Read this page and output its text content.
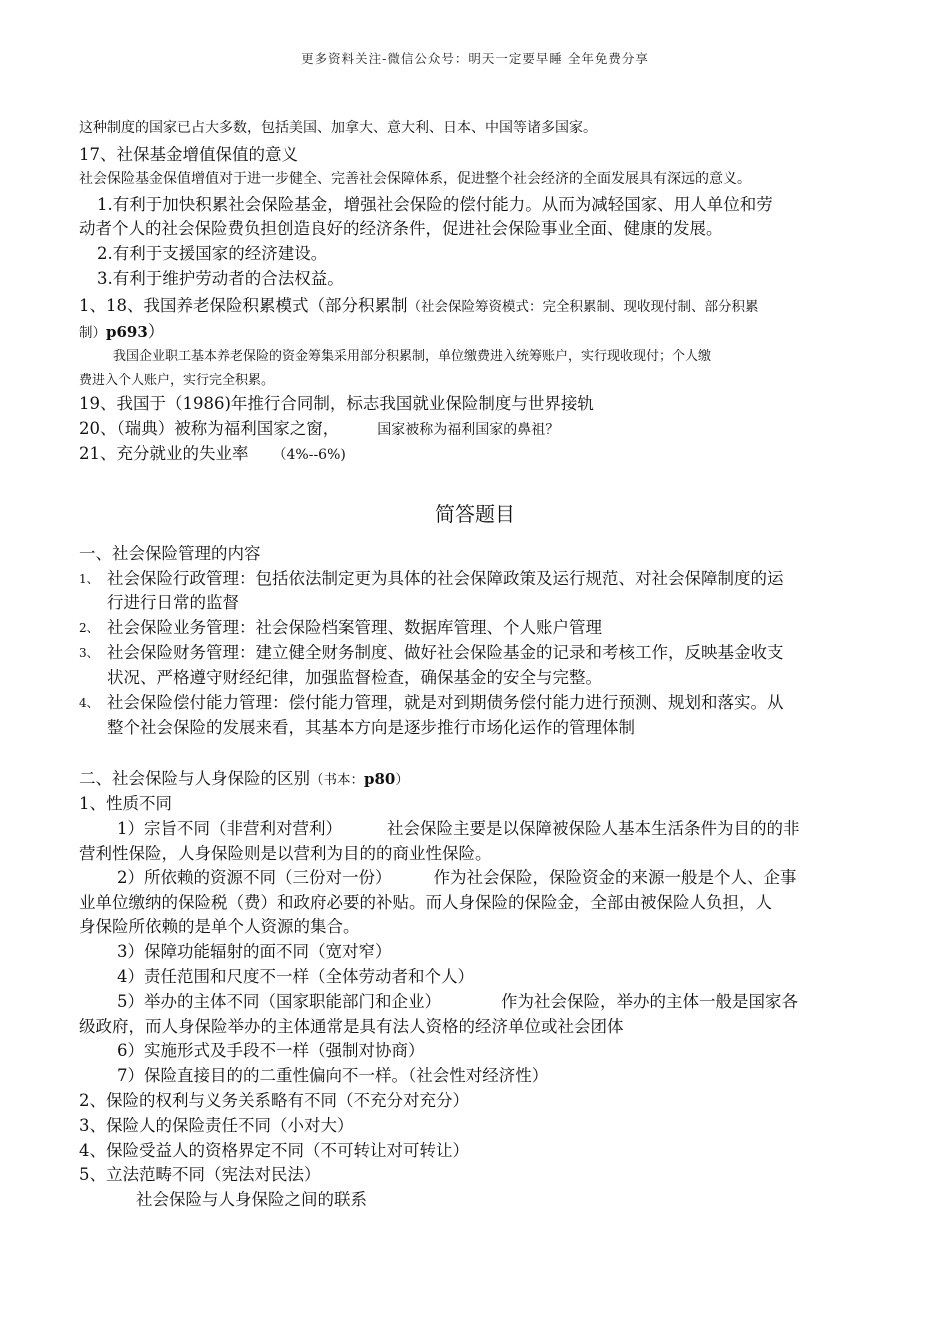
更多资料关注-微信公众号：明天一定要早睡 全年免费分享
这种制度的国家已占大多数，包括美国、加拿大、意大利、日本、中国等诸多国家。
17、社保基金增值保值的意义
社会保险基金保值增值对于进一步健全、完善社会保障体系，促进整个社会经济的全面发展具有深远的意义。
1.有利于加快积累社会保险基金，增强社会保险的偿付能力。从而为减轻国家、用人单位和劳
动者个人的社会保险费负担创造良好的经济条件，促进社会保险事业全面、健康的发展。
2.有利于支援国家的经济建设。
3.有利于维护劳动者的合法权益。
1、18、我国养老保险积累模式（部分积累制（社会保险筹资模式：完全积累制、现收现付制、部分积累
制）p693）
我国企业职工基本养老保险的资金筹集采用部分积累制，单位缴费进入统筹账户，实行现收现付；个人缴
费进入个人账户，实行完全积累。
19、我国于（1986)年推行合同制，标志我国就业保险制度与世界接轨
20、（瑞典）被称为福利国家之窗，	国家被称为福利国家的鼻祖？
21、充分就业的失业率 （4%--6%)
简答题目
一、社会保险管理的内容
1、 社会保险行政管理：包括依法制定更为具体的社会保障政策及运行规范、对社会保障制度的运
行进行日常的监督
2、 社会保险业务管理：社会保险档案管理、数据库管理、个人账户管理
3、 社会保险财务管理：建立健全财务制度、做好社会保险基金的记录和考核工作，反映基金收支
状况、严格遵守财经纪律，加强监督检查，确保基金的安全与完整。
4、 社会保险偿付能力管理：偿付能力管理，就是对到期债务偿付能力进行预测、规划和落实。从
整个社会保险的发展来看，其基本方向是逐步推行市场化运作的管理体制
二、社会保险与人身保险的区别（书本：p80）
1、性质不同
1）宗旨不同（非营利对营利）	社会保险主要是以保障被保险人基本生活条件为目的的非
营利性保险，人身保险则是以营利为目的的商业性保险。
2）所依赖的资源不同（三份对一份）	作为社会保险，保险资金的来源一般是个人、企事
业单位缴纳的保险税（费）和政府必要的补贴。而人身保险的保险金，全部由被保险人负担，人
身保险所依赖的是单个人资源的集合。
3）保障功能辐射的面不同（宽对窄）
4）责任范围和尺度不一样（全体劳动者和个人）
5）举办的主体不同（国家职能部门和企业）	作为社会保险，举办的主体一般是国家各
级政府，而人身保险举办的主体通常是具有法人资格的经济单位或社会团体
6）实施形式及手段不一样（强制对协商）
7）保险直接目的的二重性偏向不一样。（社会性对经济性）
2、保险的权利与义务关系略有不同（不充分对充分）
3、保险人的保险责任不同（小对大）
4、保险受益人的资格界定不同（不可转让对可转让）
5、立法范畴不同（宪法对民法）
社会保险与人身保险之间的联系
